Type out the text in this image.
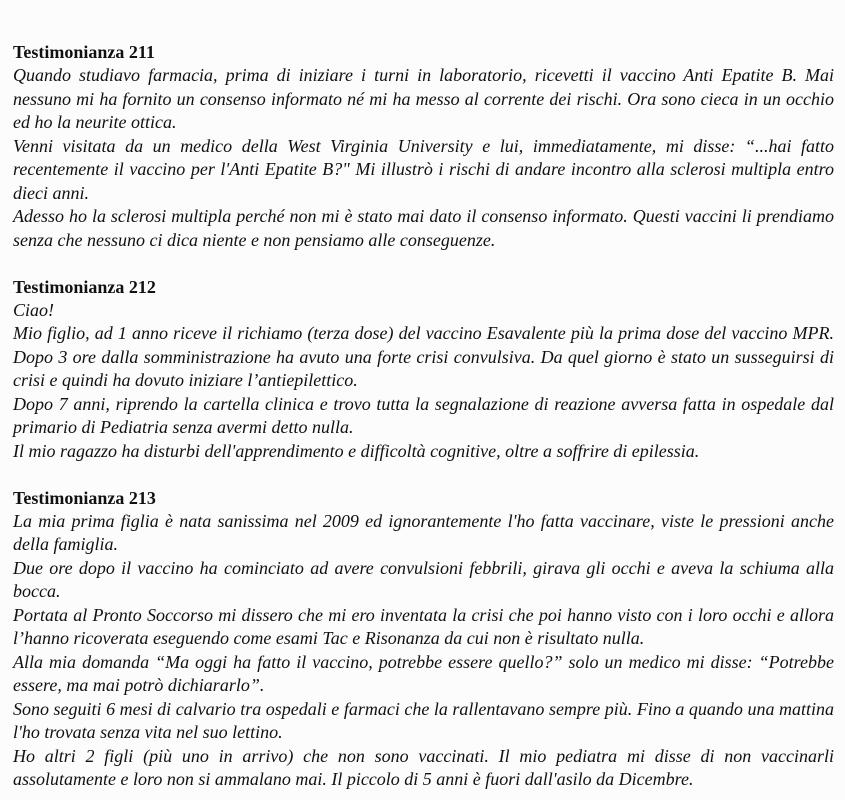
Testimonianza 211
Quando studiavo farmacia, prima di iniziare i turni in laboratorio, ricevetti il vaccino Anti Epatite B. Mai nessuno mi ha fornito un consenso informato né mi ha messo al corrente dei rischi. Ora sono cieca in un occhio ed ho la neurite ottica.
Venni visitata da un medico della West Virginia University e lui, immediatamente, mi disse: “...hai fatto recentemente il vaccino per l'Anti Epatite B?" Mi illustrò i rischi di andare incontro alla sclerosi multipla entro dieci anni.
Adesso ho la sclerosi multipla perché non mi è stato mai dato il consenso informato. Questi vaccini li prendiamo senza che nessuno ci dica niente e non pensiamo alle conseguenze.
Testimonianza 212
Ciao!
Mio figlio, ad 1 anno riceve il richiamo (terza dose) del vaccino Esavalente più la prima dose del vaccino MPR. Dopo 3 ore dalla somministrazione ha avuto una forte crisi convulsiva. Da quel giorno è stato un susseguirsi di crisi e quindi ha dovuto iniziare l’antiepilettico.
Dopo 7 anni, riprendo la cartella clinica e trovo tutta la segnalazione di reazione avversa fatta in ospedale dal primario di Pediatria senza avermi detto nulla.
Il mio ragazzo ha disturbi dell'apprendimento e difficoltà cognitive, oltre a soffrire di epilessia.
Testimonianza 213
La mia prima figlia è nata sanissima nel 2009 ed ignorantemente l'ho fatta vaccinare, viste le pressioni anche della famiglia.
Due ore dopo il vaccino ha cominciato ad avere convulsioni febbrili, girava gli occhi e aveva la schiuma alla bocca.
Portata al Pronto Soccorso mi dissero che mi ero inventata la crisi che poi hanno visto con i loro occhi e allora l’hanno ricoverata eseguendo come esami Tac e Risonanza da cui non è risultato nulla.
Alla mia domanda “Ma oggi ha fatto il vaccino, potrebbe essere quello?” solo un medico mi disse: “Potrebbe essere, ma mai potrò dichiararlo”.
Sono seguiti 6 mesi di calvario tra ospedali e farmaci che la rallentavano sempre più. Fino a quando una mattina l'ho trovata senza vita nel suo lettino.
Ho altri 2 figli (più uno in arrivo) che non sono vaccinati. Il mio pediatra mi disse di non vaccinarli assolutamente e loro non si ammalano mai. Il piccolo di 5 anni è fuori dall'asilo da Dicembre.
